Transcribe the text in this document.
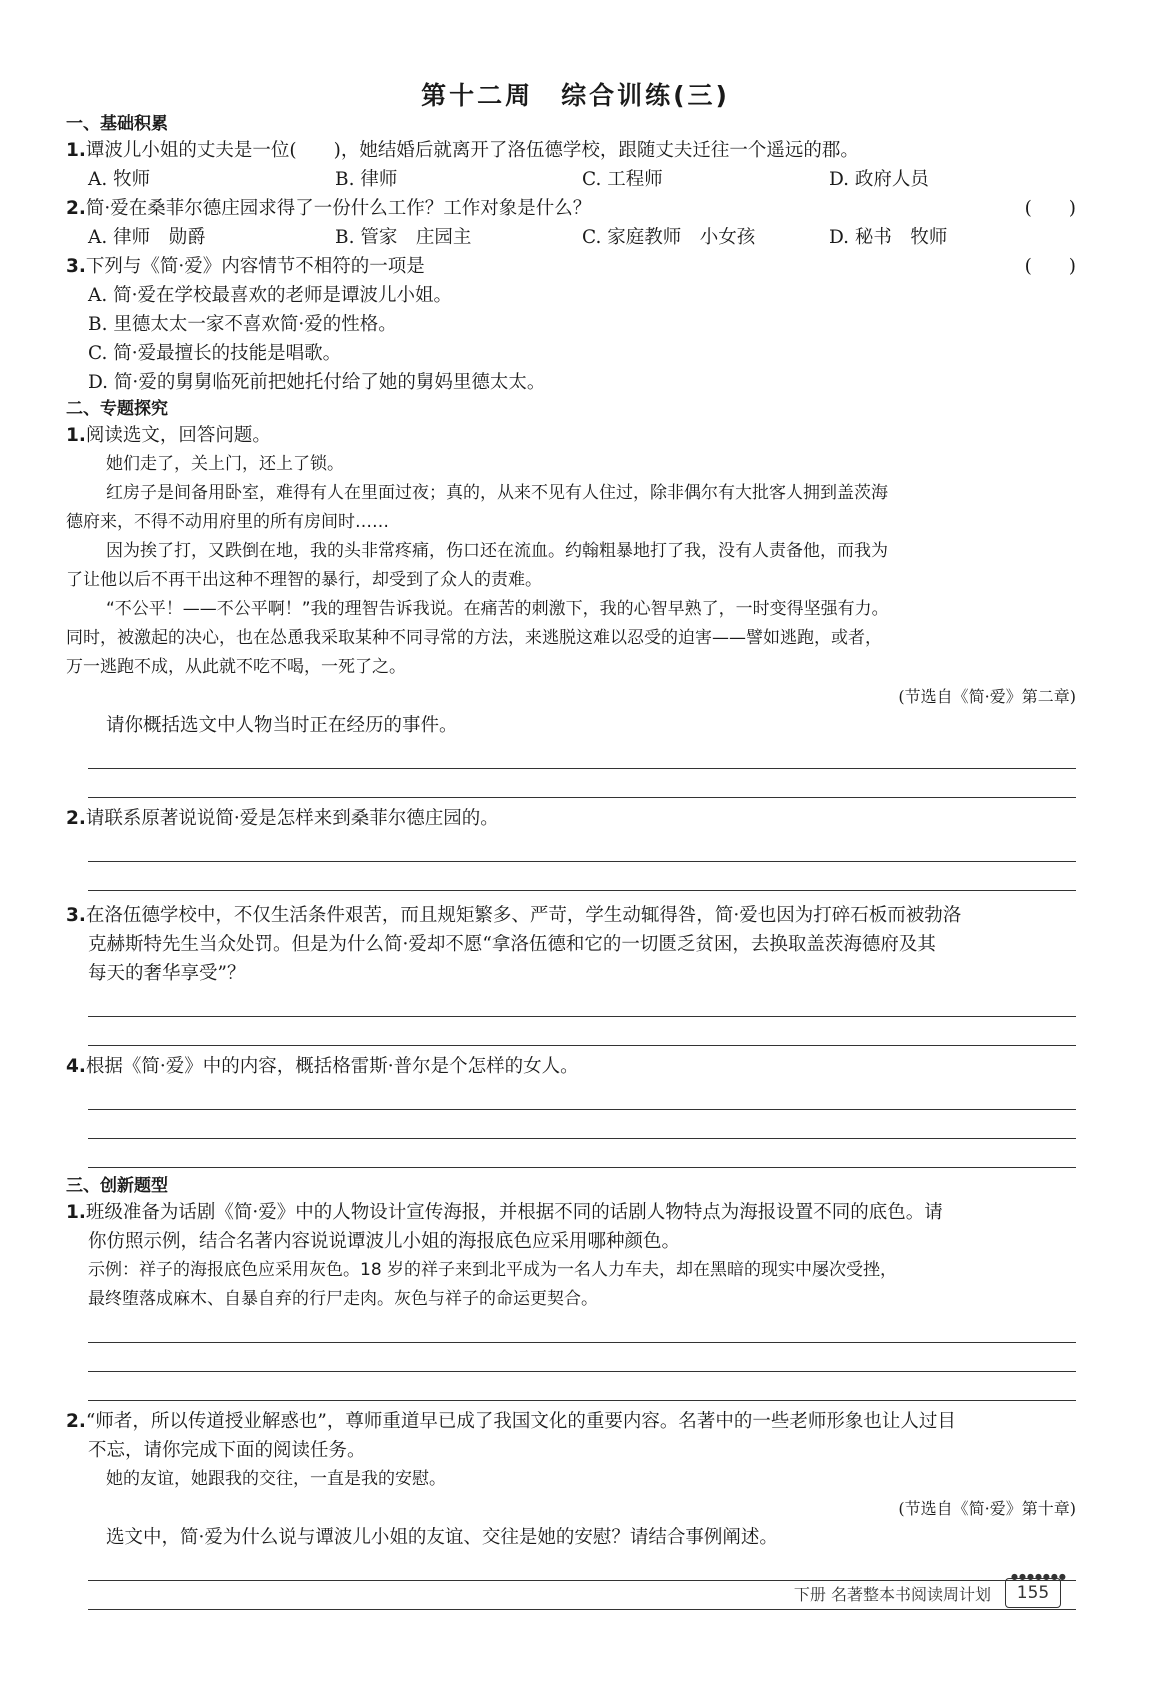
第十二周　综合训练(三)
一、基础积累
1.谭波儿小姐的丈夫是一位(　　)，她结婚后就离开了洛伍德学校，跟随丈夫迁往一个遥远的郡。
A. 牧师	B. 律师	C. 工程师	D. 政府人员
2.简·爱在桑菲尔德庄园求得了一份什么工作？工作对象是什么？	(　　)
A. 律师　勋爵	B. 管家　庄园主	C. 家庭教师　小女孩	D. 秘书　牧师
3.下列与《简·爱》内容情节不相符的一项是	(　　)
A. 简·爱在学校最喜欢的老师是谭波儿小姐。
B. 里德太太一家不喜欢简·爱的性格。
C. 简·爱最擅长的技能是唱歌。
D. 简·爱的舅舅临死前把她托付给了她的舅妈里德太太。
二、专题探究
1.阅读选文，回答问题。
她们走了，关上门，还上了锁。
红房子是间备用卧室，难得有人在里面过夜；真的，从来不见有人住过，除非偶尔有大批客人拥到盖茨海
德府来，不得不动用府里的所有房间时……
因为挨了打，又跌倒在地，我的头非常疼痛，伤口还在流血。约翰粗暴地打了我，没有人责备他，而我为
了让他以后不再干出这种不理智的暴行，却受到了众人的责难。
“不公平！——不公平啊！”我的理智告诉我说。在痛苦的刺激下，我的心智早熟了，一时变得坚强有力。
同时，被激起的决心，也在怂恿我采取某种不同寻常的方法，来逃脱这难以忍受的迫害——譬如逃跑，或者，
万一逃跑不成，从此就不吃不喝，一死了之。
(节选自《简·爱》第二章)
请你概括选文中人物当时正在经历的事件。
2.请联系原著说说简·爱是怎样来到桑菲尔德庄园的。
3.在洛伍德学校中，不仅生活条件艰苦，而且规矩繁多、严苛，学生动辄得咎，简·爱也因为打碎石板而被勃洛
克赫斯特先生当众处罚。但是为什么简·爱却不愿“拿洛伍德和它的一切匮乏贫困，去换取盖茨海德府及其
每天的奢华享受”？
4.根据《简·爱》中的内容，概括格雷斯·普尔是个怎样的女人。
三、创新题型
1.班级准备为话剧《简·爱》中的人物设计宣传海报，并根据不同的话剧人物特点为海报设置不同的底色。请
你仿照示例，结合名著内容说说谭波儿小姐的海报底色应采用哪种颜色。
示例：祥子的海报底色应采用灰色。18 岁的祥子来到北平成为一名人力车夫，却在黑暗的现实中屡次受挫，
最终堕落成麻木、自暴自弃的行尸走肉。灰色与祥子的命运更契合。
2.“师者，所以传道授业解惑也”，尊师重道早已成了我国文化的重要内容。名著中的一些老师形象也让人过目
不忘，请你完成下面的阅读任务。
她的友谊，她跟我的交往，一直是我的安慰。
(节选自《简·爱》第十章)
选文中，简·爱为什么说与谭波儿小姐的友谊、交往是她的安慰？请结合事例阐述。
下册 名著整本书阅读周计划
●●●●●●●
155
